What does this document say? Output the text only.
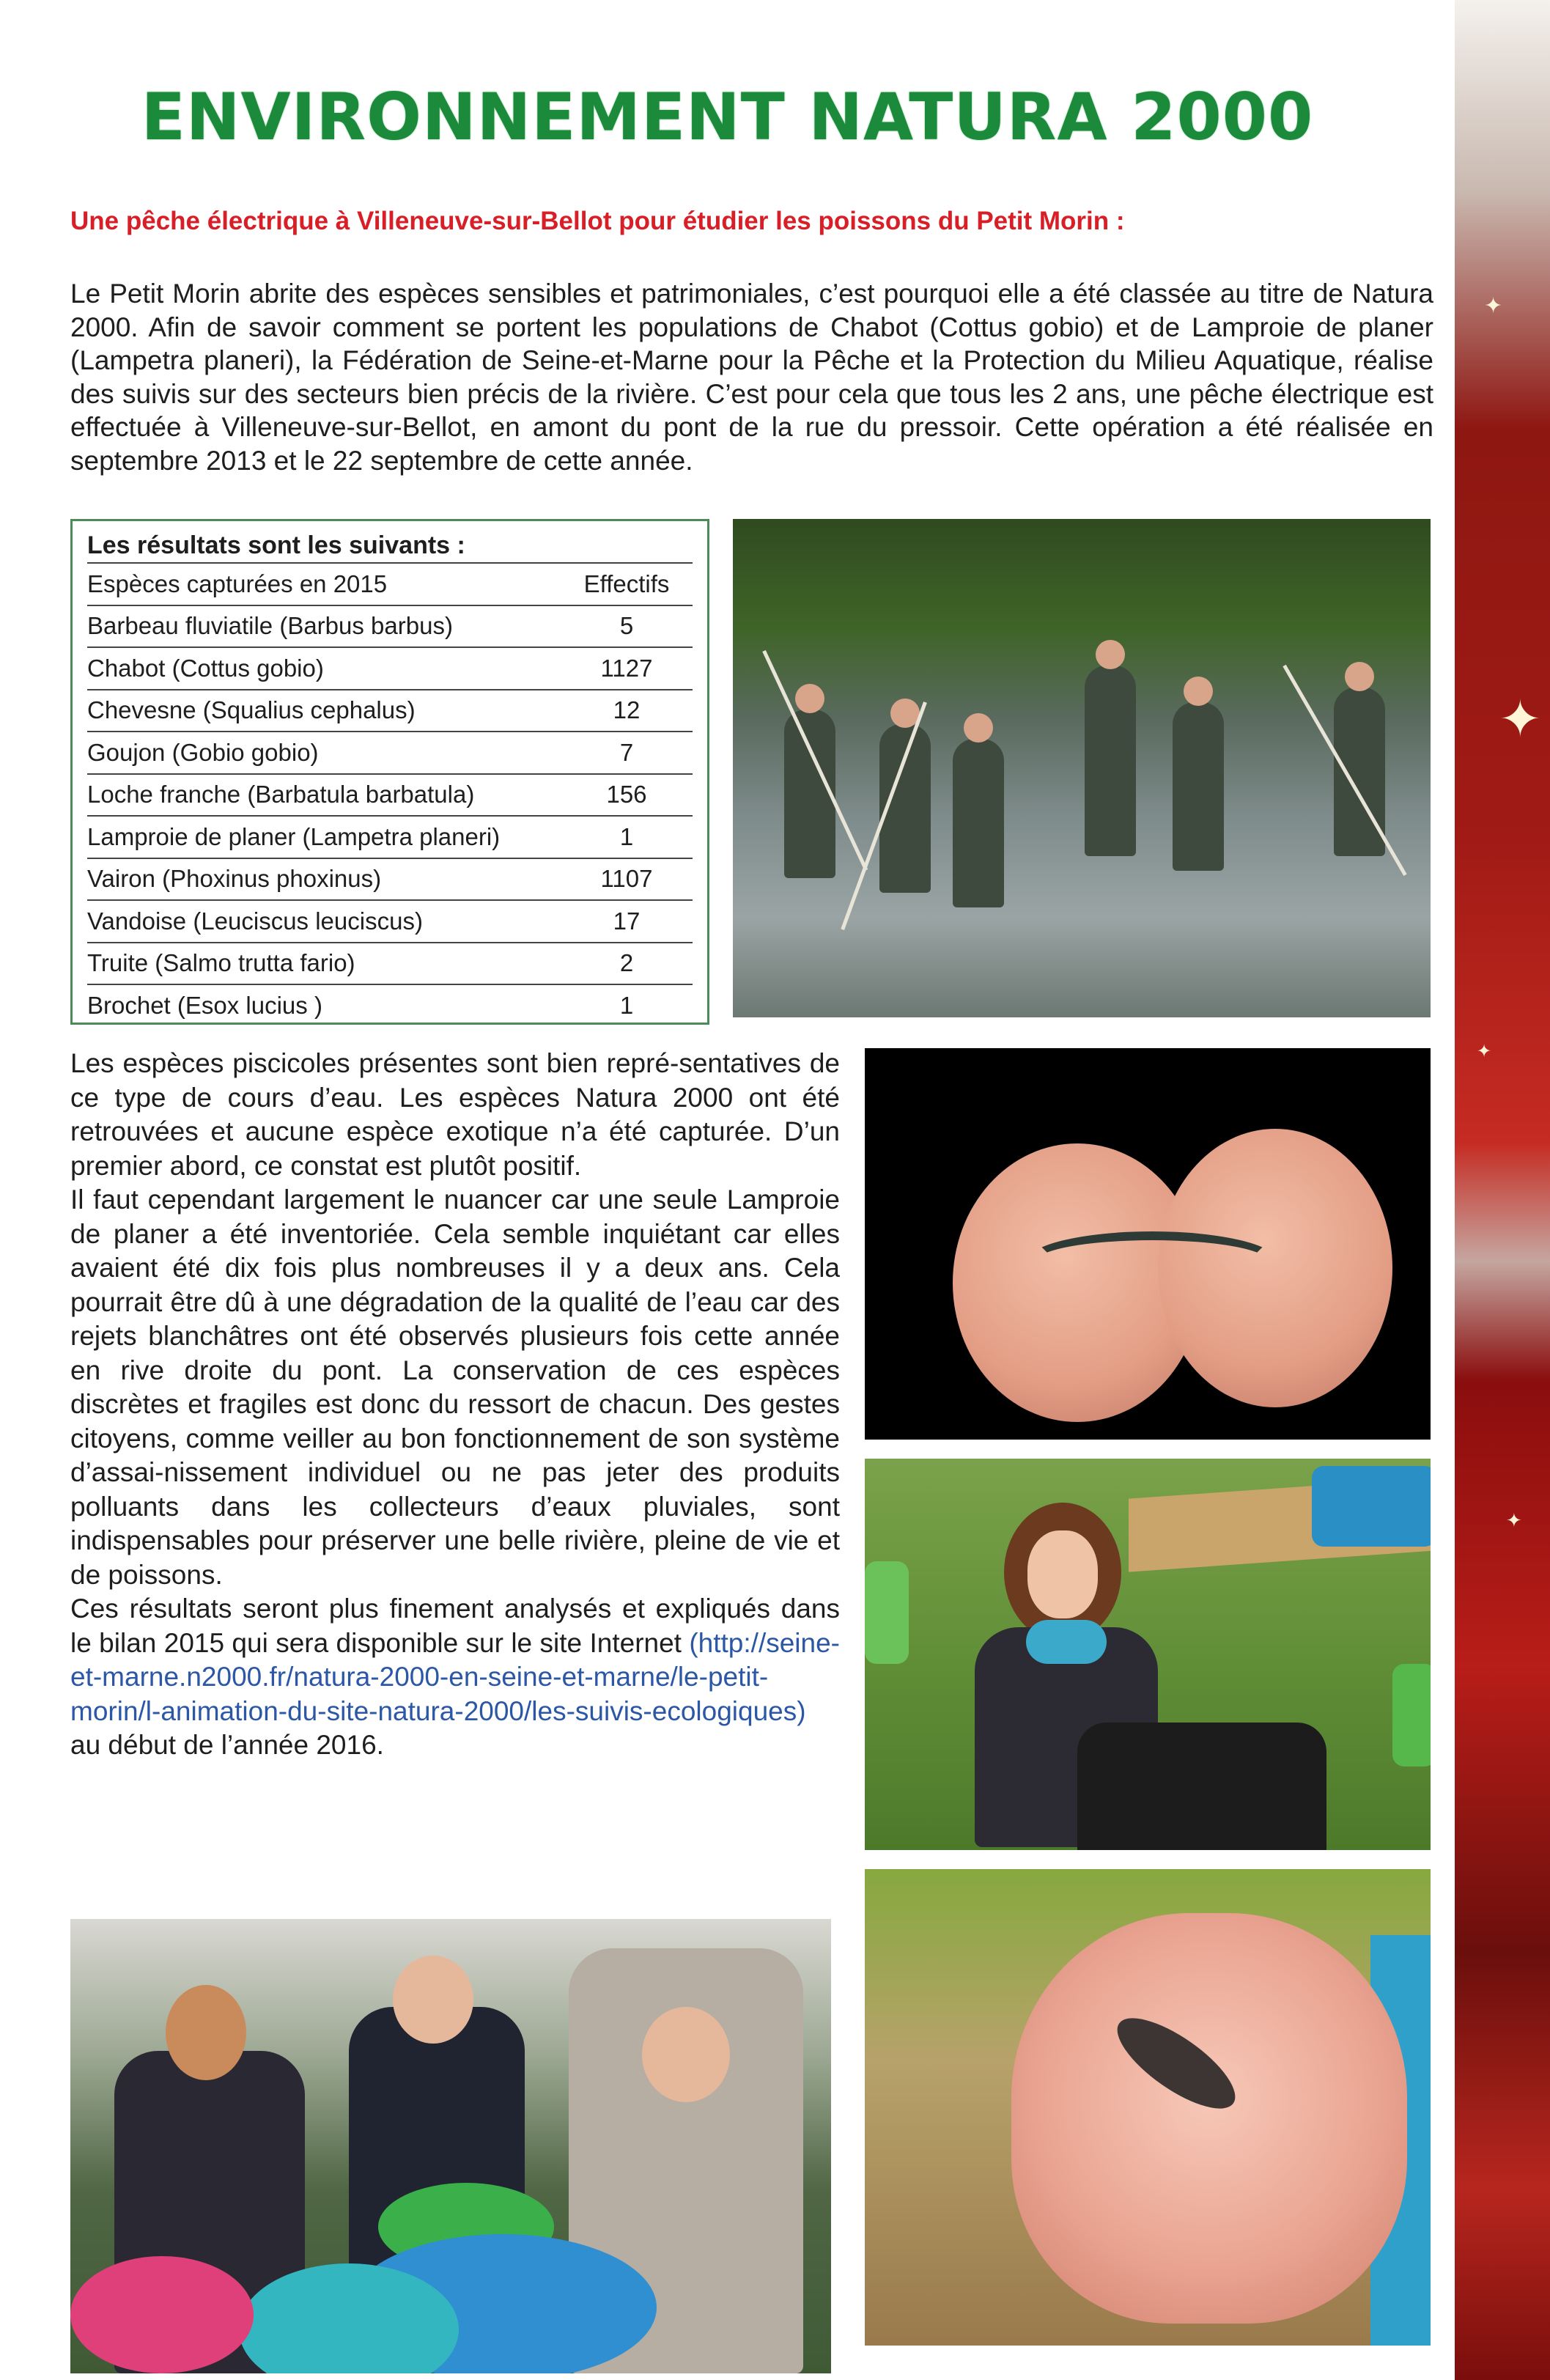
✦
✦
✦
✦
ENVIRONNEMENT NATURA 2000
Une pêche électrique à Villeneuve-sur-Bellot pour étudier les poissons du Petit Morin :

Le Petit Morin abrite des espèces sensibles et patrimoniales, c’est pourquoi elle a été classée au titre de Natura 2000. Afin de savoir comment se portent les populations de Chabot (Cottus gobio) et de Lamproie de planer (Lampetra planeri), la Fédération de Seine-et-Marne pour la Pêche et la Protection du Milieu Aquatique, réalise des suivis sur des secteurs bien précis de la rivière. C’est pour cela que tous les 2 ans, une pêche électrique est effectuée à Villeneuve-sur-Bellot, en amont du pont de la rue du pressoir. Cette opération a été réalisée en septembre 2013 et le 22 septembre de cette année.

Les résultats sont les suivants :
Espèces capturées en 2015	Effectifs
Barbeau fluviatile (Barbus barbus)	5
Chabot (Cottus gobio)	1127
Chevesne (Squalius cephalus)	12
Goujon (Gobio gobio)	7
Loche franche (Barbatula barbatula)	156
Lamproie de planer (Lampetra planeri)	1
Vairon (Phoxinus phoxinus)	1107
Vandoise (Leuciscus leuciscus)	17
Truite (Salmo trutta fario)	2
Brochet (Esox lucius )	1

Les espèces piscicoles présentes sont bien repré-sentatives de ce type de cours d’eau. Les espèces Natura 2000 ont été retrouvées et aucune espèce exotique n’a été capturée. D’un premier abord, ce constat est plutôt positif.

Il faut cependant largement le nuancer car une seule Lamproie de planer a été inventoriée. Cela semble inquiétant car elles avaient été dix fois plus nombreuses il y a deux ans. Cela pourrait être dû à une dégradation de la qualité de l’eau car des rejets blanchâtres ont été observés plusieurs fois cette année en rive droite du pont. La conservation de ces espèces discrètes et fragiles est donc du ressort de chacun. Des gestes citoyens, comme veiller au bon fonctionnement de son système d’assai-nissement individuel ou ne pas jeter des produits polluants dans les collecteurs d’eaux pluviales, sont indispensables pour préserver une belle rivière, pleine de vie et de poissons.

Ces résultats seront plus finement analysés et expliqués dans le bilan 2015 qui sera disponible sur le site Internet (http://seine-et-marne.n2000.fr/natura-2000-en-seine-et-marne/le-petit-morin/l-animation-du-site-natura-2000/les-suivis-ecologiques) au début de l’année 2016.
